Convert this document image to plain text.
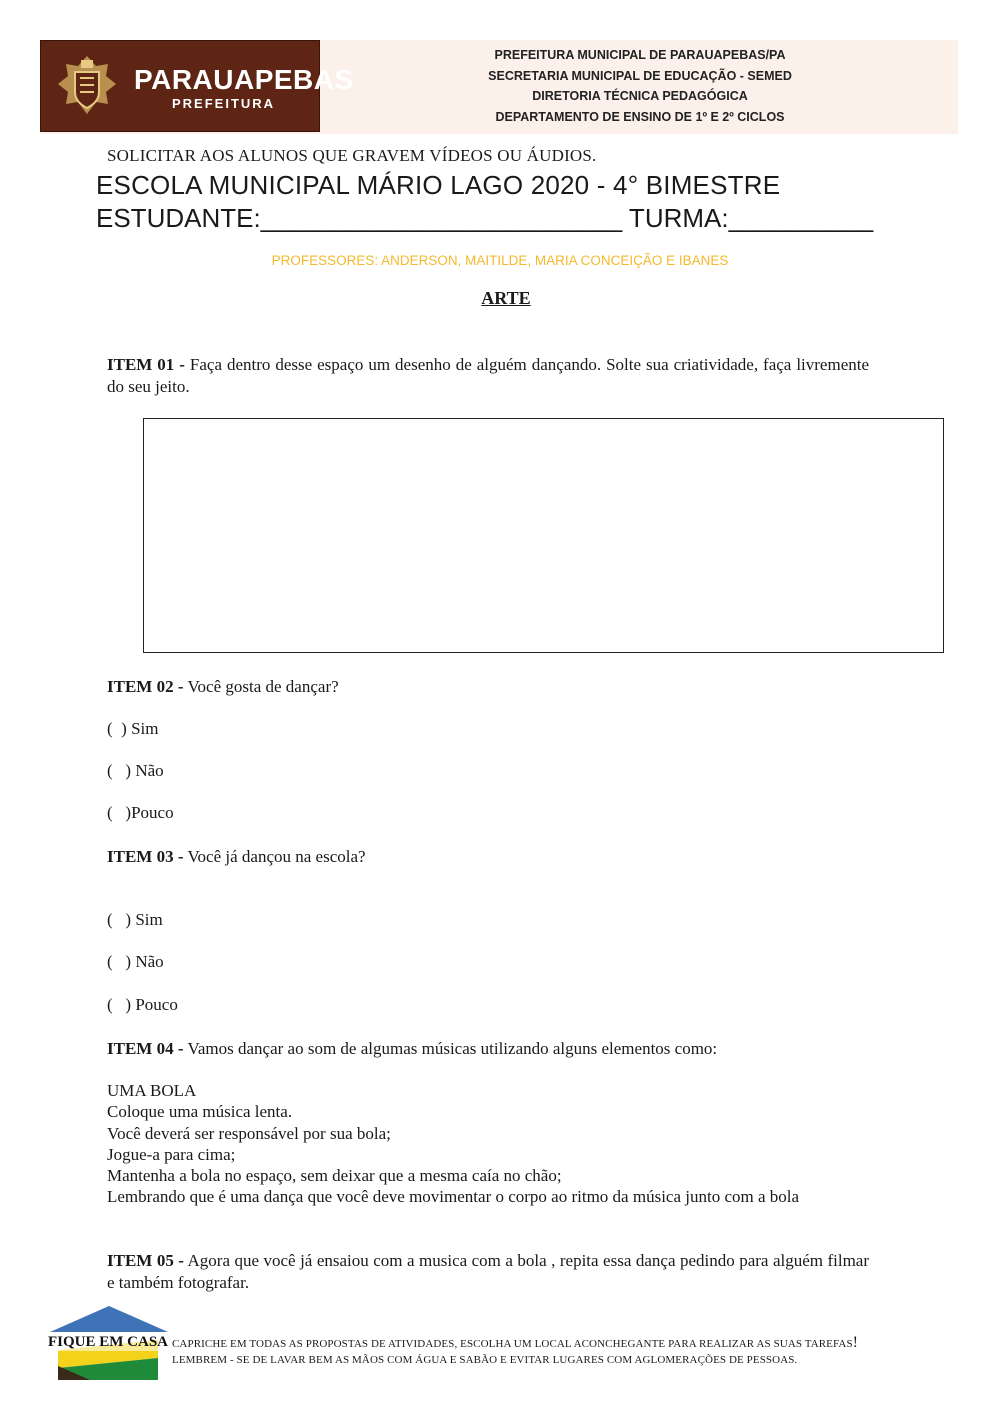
PARAUAPEBAS
PREFEITURA
PREFEITURA MUNICIPAL DE PARAUAPEBAS/PA
SECRETARIA MUNICIPAL DE EDUCAÇÃO - SEMED
DIRETORIA TÉCNICA PEDAGÓGICA
DEPARTAMENTO DE ENSINO DE 1º E 2º CICLOS
SOLICITAR AOS ALUNOS QUE GRAVEM VÍDEOS OU ÁUDIOS.
ESCOLA MUNICIPAL MÁRIO LAGO 2020 - 4° BIMESTRE
ESTUDANTE:_________________________ TURMA:__________
PROFESSORES: ANDERSON, MAITILDE, MARIA CONCEIÇÃO E IBANES
ARTE
ITEM 01 - Faça dentro desse espaço um desenho de alguém dançando. Solte sua criatividade, faça livremente do seu jeito.
ITEM 02 - Você gosta de dançar?
(  ) Sim
(   ) Não
(   )Pouco
ITEM 03 - Você já dançou na escola?
(   ) Sim
(   ) Não
(   ) Pouco
ITEM 04 - Vamos dançar ao som de algumas músicas utilizando alguns elementos como:
UMA BOLA
Coloque uma música lenta.
Você deverá ser responsável por sua bola;
Jogue-a para cima;
Mantenha a bola no espaço, sem deixar que a mesma caía no chão;
Lembrando que é uma dança que você deve movimentar o corpo ao ritmo da música junto com a bola
ITEM 05 - Agora que você já ensaiou com a musica com a bola , repita essa dança pedindo para alguém filmar e também fotografar.
FIQUE EM CASA CAPRICHE EM TODAS AS PROPOSTAS DE ATIVIDADES, ESCOLHA UM LOCAL ACONCHEGANTE PARA REALIZAR AS SUAS TAREFAS!
LEMBREM - SE DE LAVAR BEM AS MÃOS COM ÁGUA E SABÃO E EVITAR LUGARES COM AGLOMERAÇÕES DE PESSOAS.
